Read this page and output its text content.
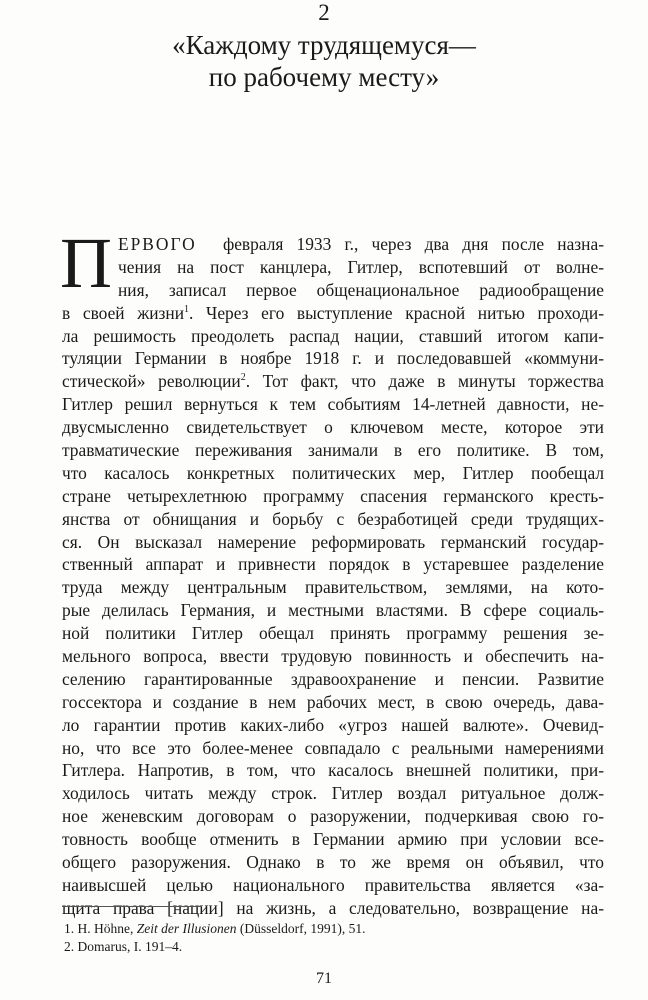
2
«Каждому трудящемуся—
по рабочему месту»
П ЕРВОГО февраля 1933 г., через два дня после назна-
чения на пост канцлера, Гитлер, вспотевший от волне-
ния, записал первое общенациональное радиообращение
в своей жизни$^1$. Через его выступление красной нитью проходи-
ла решимость преодолеть распад нации, ставший итогом капи-
туляции Германии в ноябре 1918 г. и последовавшей «коммуни-
стической» революции$^2$. Тот факт, что даже в минуты торжества
Гитлер решил вернуться к тем событиям 14-летней давности, не-
двусмысленно свидетельствует о ключевом месте, которое эти
травматические переживания занимали в его политике. В том,
что касалось конкретных политических мер, Гитлер пообещал
стране четырехлетнюю программу спасения германского кресть-
янства от обнищания и борьбу с безработицей среди трудящих-
ся. Он высказал намерение реформировать германский государ-
ственный аппарат и привнести порядок в устаревшее разделение
труда между центральным правительством, землями, на кото-
рые делилась Германия, и местными властями. В сфере социаль-
ной политики Гитлер обещал принять программу решения зе-
мельного вопроса, ввести трудовую повинность и обеспечить на-
селению гарантированные здравоохранение и пенсии. Развитие
госсектора и создание в нем рабочих мест, в свою очередь, дава-
ло гарантии против каких-либо «угроз нашей валюте». Очевид-
но, что все это более-менее совпадало с реальными намерениями
Гитлера. Напротив, в том, что касалось внешней политики, при-
ходилось читать между строк. Гитлер воздал ритуальное долж-
ное женевским договорам о разоружении, подчеркивая свою го-
товность вообще отменить в Германии армию при условии все-
общего разоружения. Однако в то же время он объявил, что
наивысшей целью национального правительства является «за-
щита права [нации] на жизнь, а следовательно, возвращение на-
1. H. Höhne, Zeit der Illusionen (Düsseldorf, 1991), 51.
2. Domarus, I. 191–4.
71
